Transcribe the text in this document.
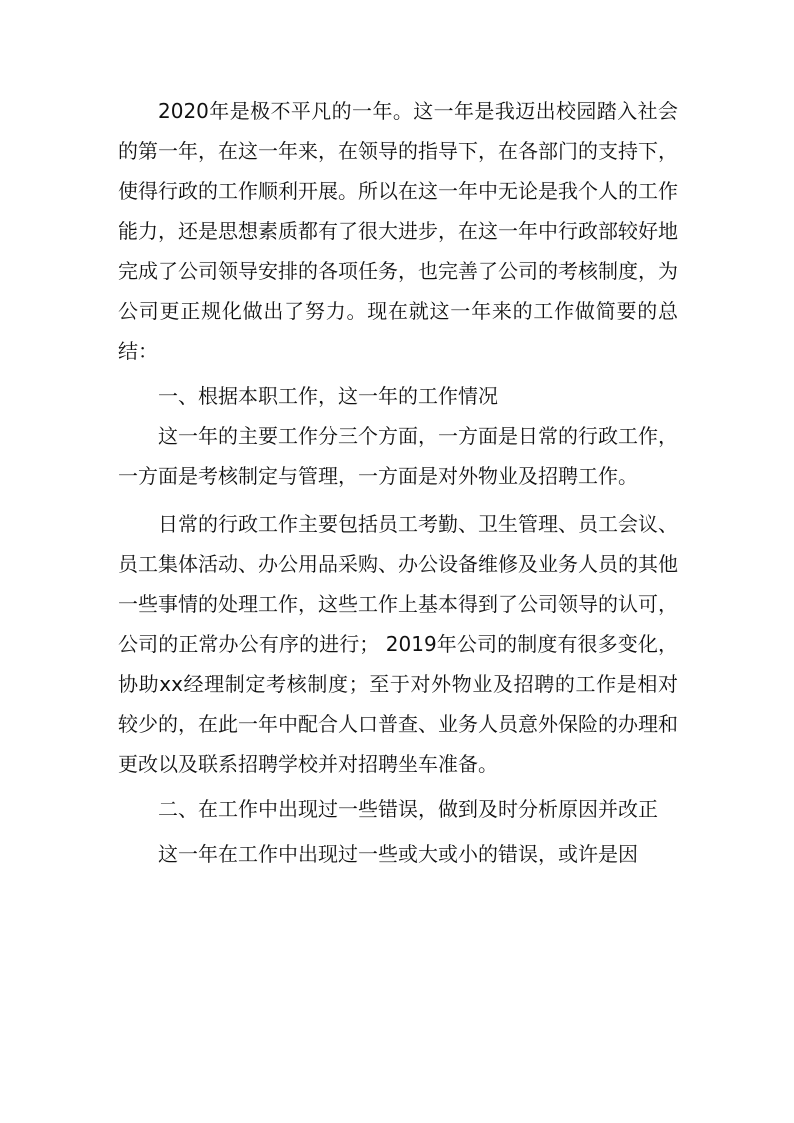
2020年是极不平凡的一年。这一年是我迈出校园踏入社会的第一年，在这一年来，在领导的指导下，在各部门的支持下，使得行政的工作顺利开展。所以在这一年中无论是我个人的工作能力，还是思想素质都有了很大进步，在这一年中行政部较好地完成了公司领导安排的各项任务，也完善了公司的考核制度，为公司更正规化做出了努力。现在就这一年来的工作做简要的总结：

一、根据本职工作，这一年的工作情况

这一年的主要工作分三个方面，一方面是日常的行政工作，一方面是考核制定与管理，一方面是对外物业及招聘工作。

日常的行政工作主要包括员工考勤、卫生管理、员工会议、员工集体活动、办公用品采购、办公设备维修及业务人员的其他一些事情的处理工作，这些工作上基本得到了公司领导的认可，公司的正常办公有序的进行； 2019年公司的制度有很多变化，协助xx经理制定考核制度；至于对外物业及招聘的工作是相对较少的，在此一年中配合人口普查、业务人员意外保险的办理和更改以及联系招聘学校并对招聘坐车准备。

二、在工作中出现过一些错误，做到及时分析原因并改正

这一年在工作中出现过一些或大或小的错误，或许是因
